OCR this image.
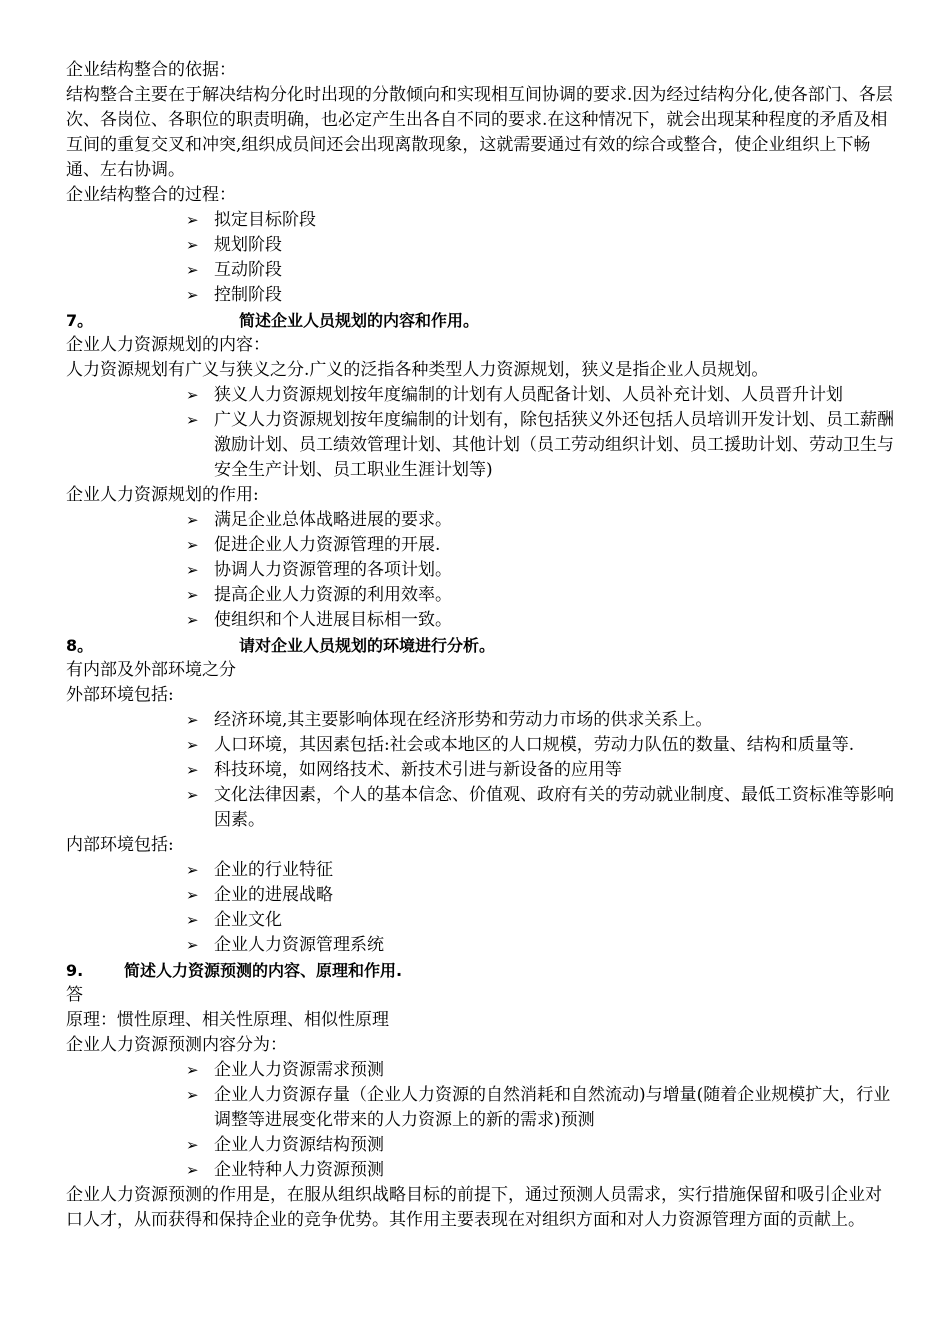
企业结构整合的依据：

结构整合主要在于解决结构分化时出现的分散倾向和实现相互间协调的要求.因为经过结构分化,使各部门、各层次、各岗位、各职位的职责明确，也必定产生出各自不同的要求.在这种情况下，就会出现某种程度的矛盾及相互间的重复交叉和冲突,组织成员间还会出现离散现象，这就需要通过有效的综合或整合，使企业组织上下畅通、左右协调。

企业结构整合的过程：

➢ 拟定目标阶段
➢ 规划阶段
➢ 互动阶段
➢ 控制阶段
7。	简述企业人员规划的内容和作用。

企业人力资源规划的内容：

人力资源规划有广义与狭义之分.广义的泛指各种类型人力资源规划，狭义是指企业人员规划。

➢ 狭义人力资源规划按年度编制的计划有人员配备计划、人员补充计划、人员晋升计划
➢ 广义人力资源规划按年度编制的计划有，除包括狭义外还包括人员培训开发计划、员工薪酬激励计划、员工绩效管理计划、其他计划（员工劳动组织计划、员工援助计划、劳动卫生与安全生产计划、员工职业生涯计划等)

企业人力资源规划的作用:

➢ 满足企业总体战略进展的要求。
➢ 促进企业人力资源管理的开展.
➢ 协调人力资源管理的各项计划。
➢ 提高企业人力资源的利用效率。
➢ 使组织和个人进展目标相一致。
8。	请对企业人员规划的环境进行分析。

有内部及外部环境之分

外部环境包括:

➢ 经济环境,其主要影响体现在经济形势和劳动力市场的供求关系上。
➢ 人口环境，其因素包括:社会或本地区的人口规模，劳动力队伍的数量、结构和质量等.
➢ 科技环境，如网络技术、新技术引进与新设备的应用等
➢ 文化法律因素，个人的基本信念、价值观、政府有关的劳动就业制度、最低工资标准等影响因素。

内部环境包括:

➢ 企业的行业特征
➢ 企业的进展战略
➢ 企业文化
➢ 企业人力资源管理系统
9.	简述人力资源预测的内容、原理和作用.

答

原理：惯性原理、相关性原理、相似性原理

企业人力资源预测内容分为：

➢ 企业人力资源需求预测
➢ 企业人力资源存量（企业人力资源的自然消耗和自然流动)与增量(随着企业规模扩大，行业调整等进展变化带来的人力资源上的新的需求)预测
➢ 企业人力资源结构预测
➢ 企业特种人力资源预测

企业人力资源预测的作用是，在服从组织战略目标的前提下，通过预测人员需求，实行措施保留和吸引企业对口人才，从而获得和保持企业的竞争优势。其作用主要表现在对组织方面和对人力资源管理方面的贡献上。
